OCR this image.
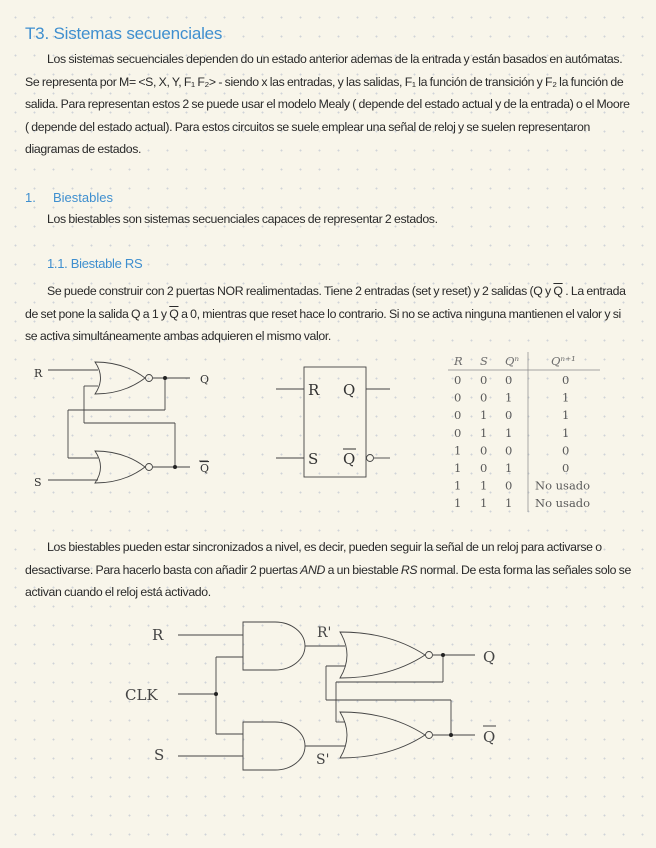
T3. Sistemas secuenciales
Los sistemas secuenciales dependen do un estado anterior ademas de la entrada y están basados en autómatas. Se representa por M= <S, X, Y, F₁ F₂> - siendo x las entradas, y las salidas, F₁ la función de transición y F₂ la función de salida. Para representan estos 2 se puede usar el modelo Mealy ( depende del estado actual y de la entrada) o el Moore ( depende del estado actual). Para estos circuitos se suele emplear una señal de reloj y se suelen representaron diagramas de estados.
1. Biestables
Los biestables son sistemas secuenciales capaces de representar 2 estados.
1.1. Biestable RS
Se puede construir con 2 puertas NOR realimentadas. Tiene 2 entradas (set y reset) y 2 salidas (Q y $\overline{Q}$ . La entrada de set pone la salida Q a 1 y $\overline{Q}$ a 0, mientras que reset hace lo contrario. Si no se activa ninguna mantienen el valor y si se activa simultáneamente ambas adquieren el mismo valor.
Los biestables pueden estar sincronizados a nivel, es decir, pueden seguir la señal de un reloj para activarse o desactivarse. Para hacerlo basta con añadir 2 puertas AND a un biestable RS normal. De esta forma las señales solo se activan cuando el reloj está activado.
R
S
Q
Q
R Q
S Q
R S Qⁿ	Qⁿ⁺¹
0 0 0	0
0 0 1	1
0 1 0	1
0 1 1	1
1 0 0	0
1 0 1	0
1 1 0 No usado
1 1 1 No usado
R
CLK
S
R'
S'
Q
Q
